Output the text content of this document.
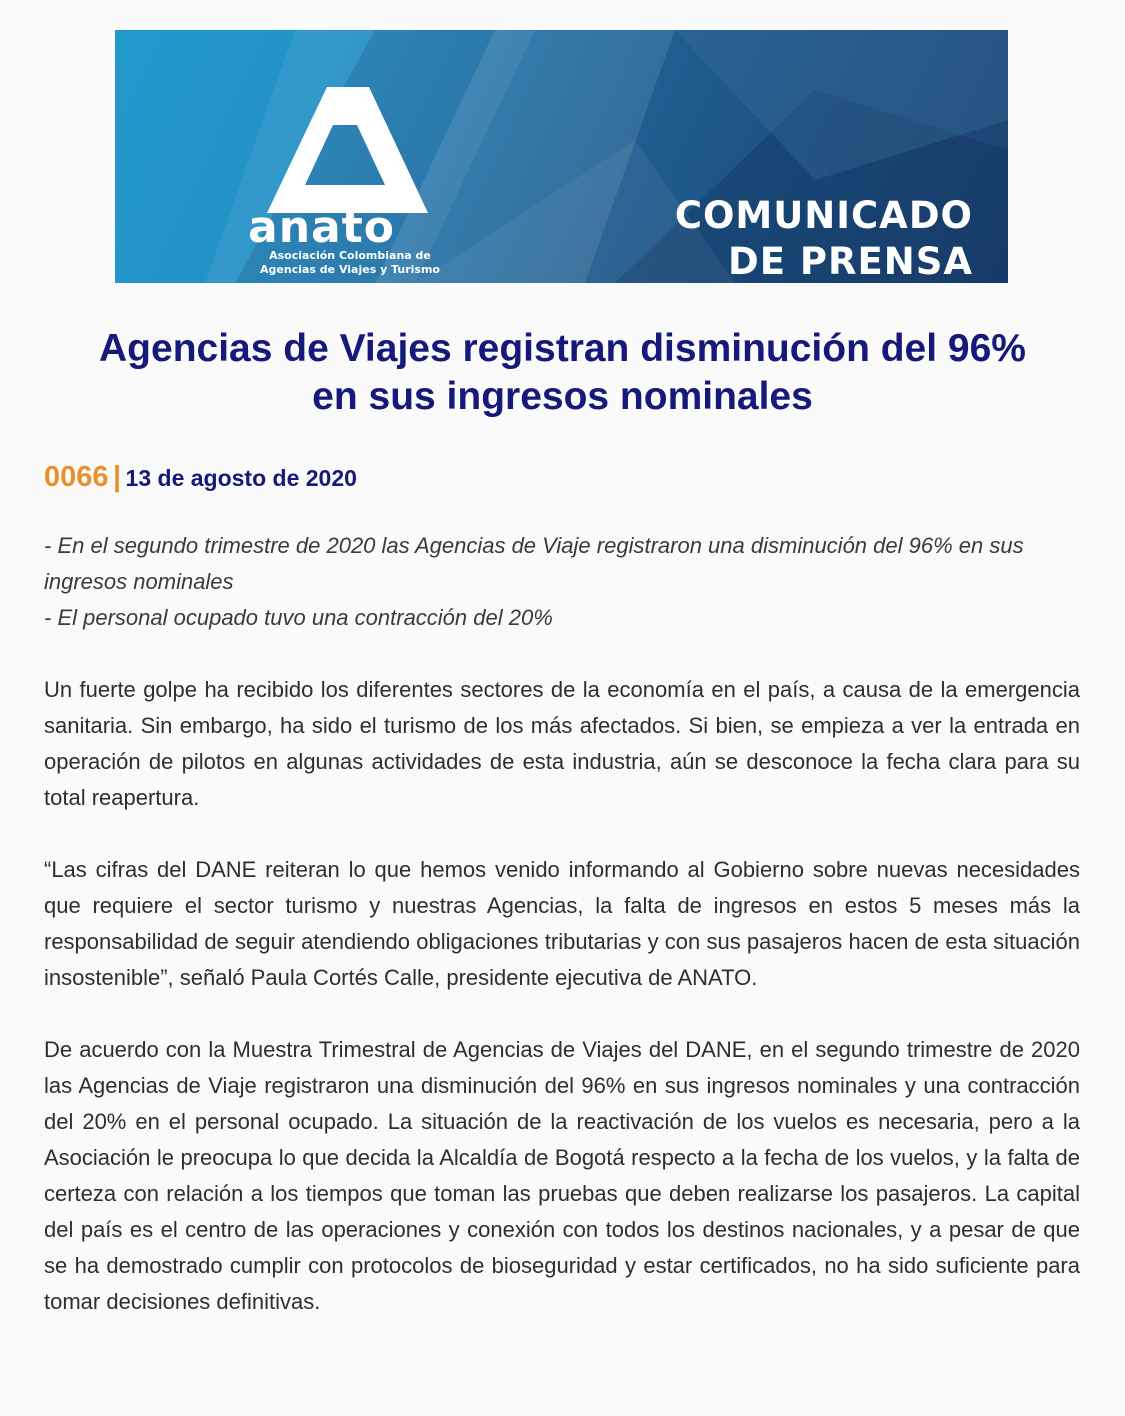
anato
Asociación Colombiana de
Agencias de Viajes y Turismo
COMUNICADO
DE PRENSA
Agencias de Viajes registran disminución del 96%
en sus ingresos nominales
0066 | 13 de agosto de 2020
- En el segundo trimestre de 2020 las Agencias de Viaje registraron una disminución del 96% en sus ingresos nominales
- El personal ocupado tuvo una contracción del 20%

Un fuerte golpe ha recibido los diferentes sectores de la economía en el país, a causa de la emergencia sanitaria. Sin embargo, ha sido el turismo de los más afectados. Si bien, se empieza a ver la entrada en operación de pilotos en algunas actividades de esta industria, aún se desconoce la fecha clara para su total reapertura.

“Las cifras del DANE reiteran lo que hemos venido informando al Gobierno sobre nuevas necesidades que requiere el sector turismo y nuestras Agencias, la falta de ingresos en estos 5 meses más la responsabilidad de seguir atendiendo obligaciones tributarias y con sus pasajeros hacen de esta situación insostenible”, señaló Paula Cortés Calle, presidente ejecutiva de ANATO.

De acuerdo con la Muestra Trimestral de Agencias de Viajes del DANE, en el segundo trimestre de 2020 las Agencias de Viaje registraron una disminución del 96% en sus ingresos nominales y una contracción del 20% en el personal ocupado. La situación de la reactivación de los vuelos es necesaria, pero a la Asociación le preocupa lo que decida la Alcaldía de Bogotá respecto a la fecha de los vuelos, y la falta de certeza con relación a los tiempos que toman las pruebas que deben realizarse los pasajeros. La capital del país es el centro de las operaciones y conexión con todos los destinos nacionales, y a pesar de que se ha demostrado cumplir con protocolos de bioseguridad y estar certificados, no ha sido suficiente para tomar decisiones definitivas.
